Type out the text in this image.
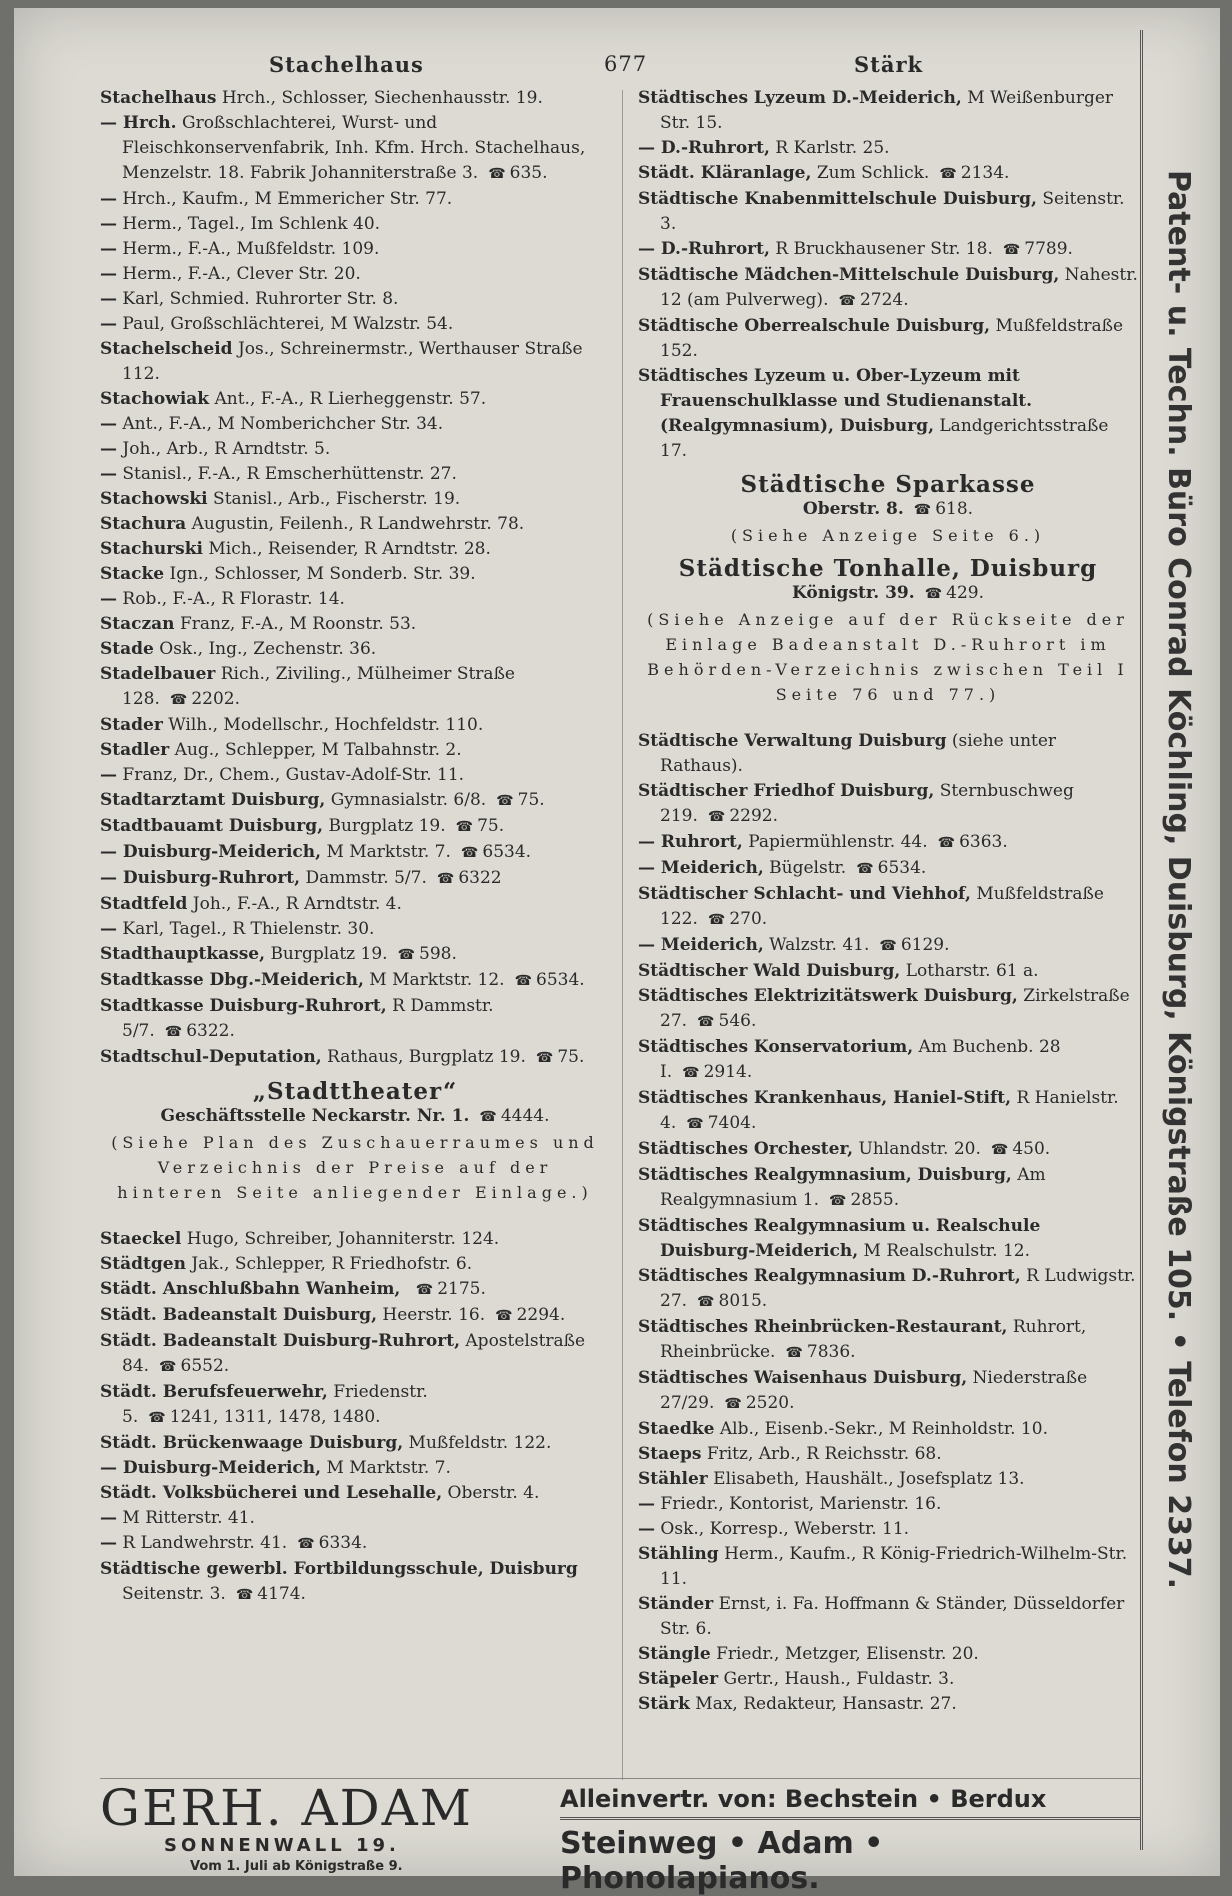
Stachelhaus	677	Stärk
Stachelhaus Hrch., Schlosser, Siechenhausstr. 19.
— Hrch. Großschlachterei, Wurst- und Fleischkonservenfabrik, Inh. Kfm. Hrch. Stachelhaus, Menzelstr. 18. Fabrik Johanniterstraße 3. ☎ 635.
— Hrch., Kaufm., M Emmericher Str. 77.
— Herm., Tagel., Im Schlenk 40.
— Herm., F.-A., Mußfeldstr. 109.
— Herm., F.-A., Clever Str. 20.
— Karl, Schmied. Ruhrorter Str. 8.
— Paul, Großschlächterei, M Walzstr. 54.
Stachelscheid Jos., Schreinermstr., Werthauser Straße 112.
Stachowiak Ant., F.-A., R Lierheggenstr. 57.
— Ant., F.-A., M Nomberichcher Str. 34.
— Joh., Arb., R Arndtstr. 5.
— Stanisl., F.-A., R Emscherhüttenstr. 27.
Stachowski Stanisl., Arb., Fischerstr. 19.
Stachura Augustin, Feilenh., R Landwehrstr. 78.
Stachurski Mich., Reisender, R Arndtstr. 28.
Stacke Ign., Schlosser, M Sonderb. Str. 39.
— Rob., F.-A., R Florastr. 14.
Staczan Franz, F.-A., M Roonstr. 53.
Stade Osk., Ing., Zechenstr. 36.
Stadelbauer Rich., Ziviling., Mülheimer Straße 128. ☎ 2202.
Stader Wilh., Modellschr., Hochfeldstr. 110.
Stadler Aug., Schlepper, M Talbahnstr. 2.
— Franz, Dr., Chem., Gustav-Adolf-Str. 11.
Stadtarztamt Duisburg, Gymnasialstr. 6/8. ☎ 75.
Stadtbauamt Duisburg, Burgplatz 19. ☎ 75.
— Duisburg-Meiderich, M Marktstr. 7. ☎ 6534.
— Duisburg-Ruhrort, Dammstr. 5/7. ☎ 6322
Stadtfeld Joh., F.-A., R Arndtstr. 4.
— Karl, Tagel., R Thielenstr. 30.
Stadthauptkasse, Burgplatz 19. ☎ 598.
Stadtkasse Dbg.-Meiderich, M Marktstr. 12. ☎ 6534.
Stadtkasse Duisburg-Ruhrort, R Dammstr. 5/7. ☎ 6322.
Stadtschul-Deputation, Rathaus, Burgplatz 19. ☎ 75.
„Stadttheater“
Geschäftsstelle Neckarstr. Nr. 1. ☎ 4444.
(Siehe Plan des Zuschauerraumes und Verzeichnis der Preise auf der hinteren Seite anliegender Einlage.)
Staeckel Hugo, Schreiber, Johanniterstr. 124.
Städtgen Jak., Schlepper, R Friedhofstr. 6.
Städt. Anschlußbahn Wanheim, ☎ 2175.
Städt. Badeanstalt Duisburg, Heerstr. 16. ☎ 2294.
Städt. Badeanstalt Duisburg-Ruhrort, Apostelstraße 84. ☎ 6552.
Städt. Berufsfeuerwehr, Friedenstr. 5. ☎ 1241, 1311, 1478, 1480.
Städt. Brückenwaage Duisburg, Mußfeldstr. 122.
— Duisburg-Meiderich, M Marktstr. 7.
Städt. Volksbücherei und Lesehalle, Oberstr. 4.
— M Ritterstr. 41.
— R Landwehrstr. 41. ☎ 6334.
Städtische gewerbl. Fortbildungsschule, Duisburg Seitenstr. 3. ☎ 4174.
Städtisches Lyzeum D.-Meiderich, M Weißenburger Str. 15.
— D.-Ruhrort, R Karlstr. 25.
Städt. Kläranlage, Zum Schlick. ☎ 2134.
Städtische Knabenmittelschule Duisburg, Seitenstr. 3.
— D.-Ruhrort, R Bruckhausener Str. 18. ☎ 7789.
Städtische Mädchen-Mittelschule Duisburg, Nahestr. 12 (am Pulverweg). ☎ 2724.
Städtische Oberrealschule Duisburg, Mußfeldstraße 152.
Städtisches Lyzeum u. Ober-Lyzeum mit Frauenschulklasse und Studienanstalt. (Realgymnasium), Duisburg, Landgerichtsstraße 17.
Städtische Sparkasse
Oberstr. 8. ☎ 618.
(Siehe Anzeige Seite 6.)
Städtische Tonhalle, Duisburg
Königstr. 39. ☎ 429.
(Siehe Anzeige auf der Rückseite der Einlage Badeanstalt D.-Ruhrort im Behörden-Verzeichnis zwischen Teil I Seite 76 und 77.)
Städtische Verwaltung Duisburg (siehe unter Rathaus).
Städtischer Friedhof Duisburg, Sternbuschweg 219. ☎ 2292.
— Ruhrort, Papiermühlenstr. 44. ☎ 6363.
— Meiderich, Bügelstr. ☎ 6534.
Städtischer Schlacht- und Viehhof, Mußfeldstraße 122. ☎ 270.
— Meiderich, Walzstr. 41. ☎ 6129.
Städtischer Wald Duisburg, Lotharstr. 61 a.
Städtisches Elektrizitätswerk Duisburg, Zirkelstraße 27. ☎ 546.
Städtisches Konservatorium, Am Buchenb. 28 I. ☎ 2914.
Städtisches Krankenhaus, Haniel-Stift, R Hanielstr. 4. ☎ 7404.
Städtisches Orchester, Uhlandstr. 20. ☎ 450.
Städtisches Realgymnasium, Duisburg, Am Realgymnasium 1. ☎ 2855.
Städtisches Realgymnasium u. Realschule Duisburg-Meiderich, M Realschulstr. 12.
Städtisches Realgymnasium D.-Ruhrort, R Ludwigstr. 27. ☎ 8015.
Städtisches Rheinbrücken-Restaurant, Ruhrort, Rheinbrücke. ☎ 7836.
Städtisches Waisenhaus Duisburg, Niederstraße 27/29. ☎ 2520.
Staedke Alb., Eisenb.-Sekr., M Reinholdstr. 10.
Staeps Fritz, Arb., R Reichsstr. 68.
Stähler Elisabeth, Haushält., Josefsplatz 13.
— Friedr., Kontorist, Marienstr. 16.
— Osk., Korresp., Weberstr. 11.
Stähling Herm., Kaufm., R König-Friedrich-Wilhelm-Str. 11.
Ständer Ernst, i. Fa. Hoffmann & Ständer, Düsseldorfer Str. 6.
Stängle Friedr., Metzger, Elisenstr. 20.
Stäpeler Gertr., Haush., Fuldastr. 3.
Stärk Max, Redakteur, Hansastr. 27.
Patent- u. Techn. Büro Conrad Köchling, Duisburg, Königstraße 105. • Telefon 2337.
GERH. ADAM
SONNENWALL 19.
Vom 1. Juli ab Königstraße 9.
Alleinvertr. von: Bechstein • Berdux
Steinweg • Adam • Phonolapianos.
